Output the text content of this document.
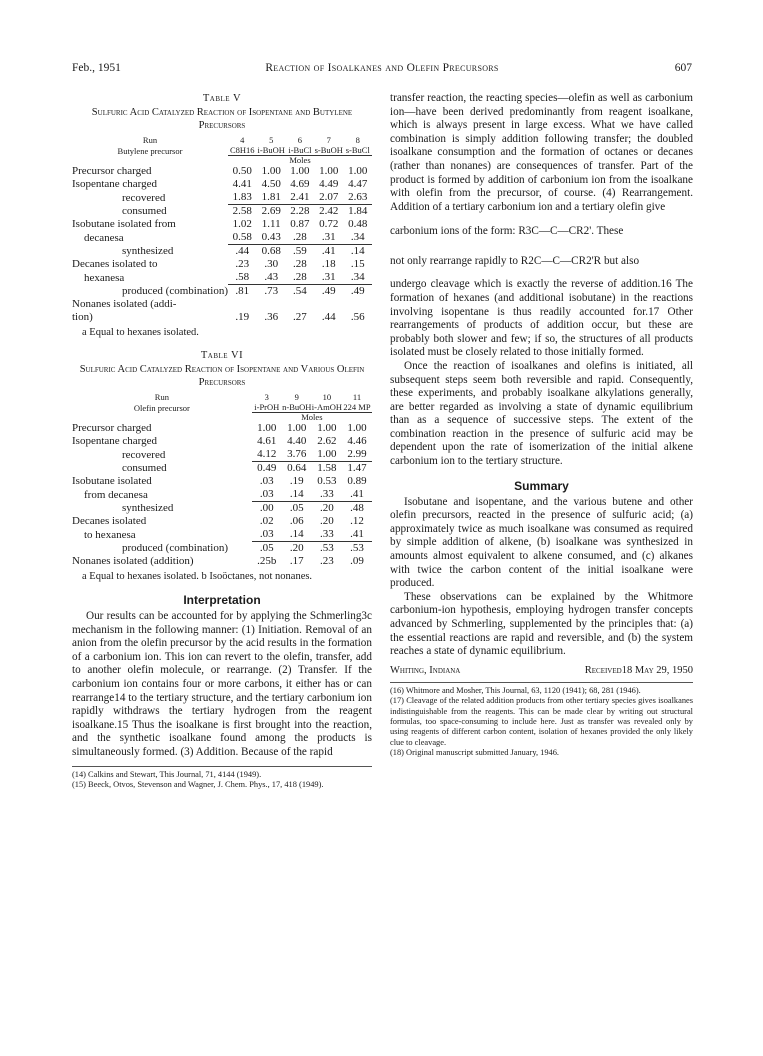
Feb., 1951	Reaction of Isoalkanes and Olefin Precursors	607

Table V

Sulfuric Acid Catalyzed Reaction of Isopentane and Butylene Precursors

Run	4	5	6	7	8
Butylene precursor	C8H16	i-BuOH	i-BuCl	s-BuOH	s-BuCl
	Moles				
Precursor charged	0.50	1.00	1.00	1.00	1.00
Isopentane charged	4.41	4.50	4.69	4.49	4.47
recovered	1.83	1.81	2.41	2.07	2.63
consumed	2.58	2.69	2.28	2.42	1.84
Isobutane isolated from	1.02	1.11	0.87	0.72	0.48
decanesa	0.58	0.43	.28	.31	.34
synthesized	.44	0.68	.59	.41	.14
Decanes isolated to	.23	.30	.28	.18	.15
hexanesa	.58	.43	.28	.31	.34
produced (combination)	.81	.73	.54	.49	.49
Nonanes isolated (addi-					
tion)	.19	.36	.27	.44	.56

a Equal to hexanes isolated.

Table VI

Sulfuric Acid Catalyzed Reaction of Isopentane and Various Olefin Precursors

Run	3	9	10	11
Olefin precursor	i-PrOH	n-BuOH	i-AmOH	224 MP
	Moles			
Precursor charged	1.00	1.00	1.00	1.00
Isopentane charged	4.61	4.40	2.62	4.46
recovered	4.12	3.76	1.00	2.99
consumed	0.49	0.64	1.58	1.47
Isobutane isolated	.03	.19	0.53	0.89
from decanesa	.03	.14	.33	.41
synthesized	.00	.05	.20	.48
Decanes isolated	.02	.06	.20	.12
to hexanesa	.03	.14	.33	.41
produced (combination)	.05	.20	.53	.53
Nonanes isolated (addition)	.25b	.17	.23	.09

a Equal to hexanes isolated. b Isoöctanes, not nonanes.

Interpretation

Our results can be accounted for by applying the Schmerling3c mechanism in the following manner: (1) Initiation. Removal of an anion from the olefin precursor by the acid results in the formation of a carbonium ion. This ion can revert to the olefin, transfer, add to another olefin molecule, or rearrange. (2) Transfer. If the carbonium ion contains four or more carbons, it either has or can rearrange14 to the tertiary structure, and the tertiary carbonium ion rapidly withdraws the tertiary hydrogen from the reagent isoalkane.15 Thus the isoalkane is first brought into the reaction, and the synthetic isoalkane found among the products is simultaneously formed. (3) Addition. Because of the rapid

(14) Calkins and Stewart, This Journal, 71, 4144 (1949).

(15) Beeck, Otvos, Stevenson and Wagner, J. Chem. Phys., 17, 418 (1949).

transfer reaction, the reacting species—olefin as well as carbonium ion—have been derived predominantly from reagent isoalkane, which is always present in large excess. What we have called combination is simply addition following transfer; the doubled isoalkane consumption and the formation of octanes or decanes (rather than nonanes) are consequences of transfer. Part of the product is formed by addition of carbonium ion from the isoalkane with olefin from the precursor, of course. (4) Rearrangement. Addition of a tertiary carbonium ion and a tertiary olefin give

carbonium ions of the form: R3C—C—CR2'. These
not only rearrange rapidly to R2C—C—CR2'R but also

undergo cleavage which is exactly the reverse of addition.16 The formation of hexanes (and additional isobutane) in the reactions involving isopentane is thus readily accounted for.17 Other rearrangements of products of addition occur, but these are probably both slower and few; if so, the structures of all products isolated must be closely related to those initially formed.

Once the reaction of isoalkanes and olefins is initiated, all subsequent steps seem both reversible and rapid. Consequently, these experiments, and probably isoalkane alkylations generally, are better regarded as involving a state of dynamic equilibrium than as a sequence of successive steps. The extent of the combination reaction in the presence of sulfuric acid may be dependent upon the rate of isomerization of the initial alkene carbonium ion to the tertiary structure.

Summary

Isobutane and isopentane, and the various butene and other olefin precursors, reacted in the presence of sulfuric acid; (a) approximately twice as much isoalkane was consumed as required by simple addition of alkene, (b) isoalkane was synthesized in amounts almost equivalent to alkene consumed, and (c) alkanes with twice the carbon content of the initial isoalkane were produced.

These observations can be explained by the Whitmore carbonium-ion hypothesis, employing hydrogen transfer concepts advanced by Schmerling, supplemented by the principles that: (a) the essential reactions are rapid and reversible, and (b) the system reaches a state of dynamic equilibrium.

Whiting, Indiana	Received18 May 29, 1950

(16) Whitmore and Mosher, This Journal, 63, 1120 (1941); 68, 281 (1946).

(17) Cleavage of the related addition products from other tertiary species gives isoalkanes indistinguishable from the reagents. This can be made clear by writing out structural formulas, too space-consuming to include here. Just as transfer was revealed only by using reagents of different carbon content, isolation of hexanes provided the only likely clue to cleavage.

(18) Original manuscript submitted January, 1946.
